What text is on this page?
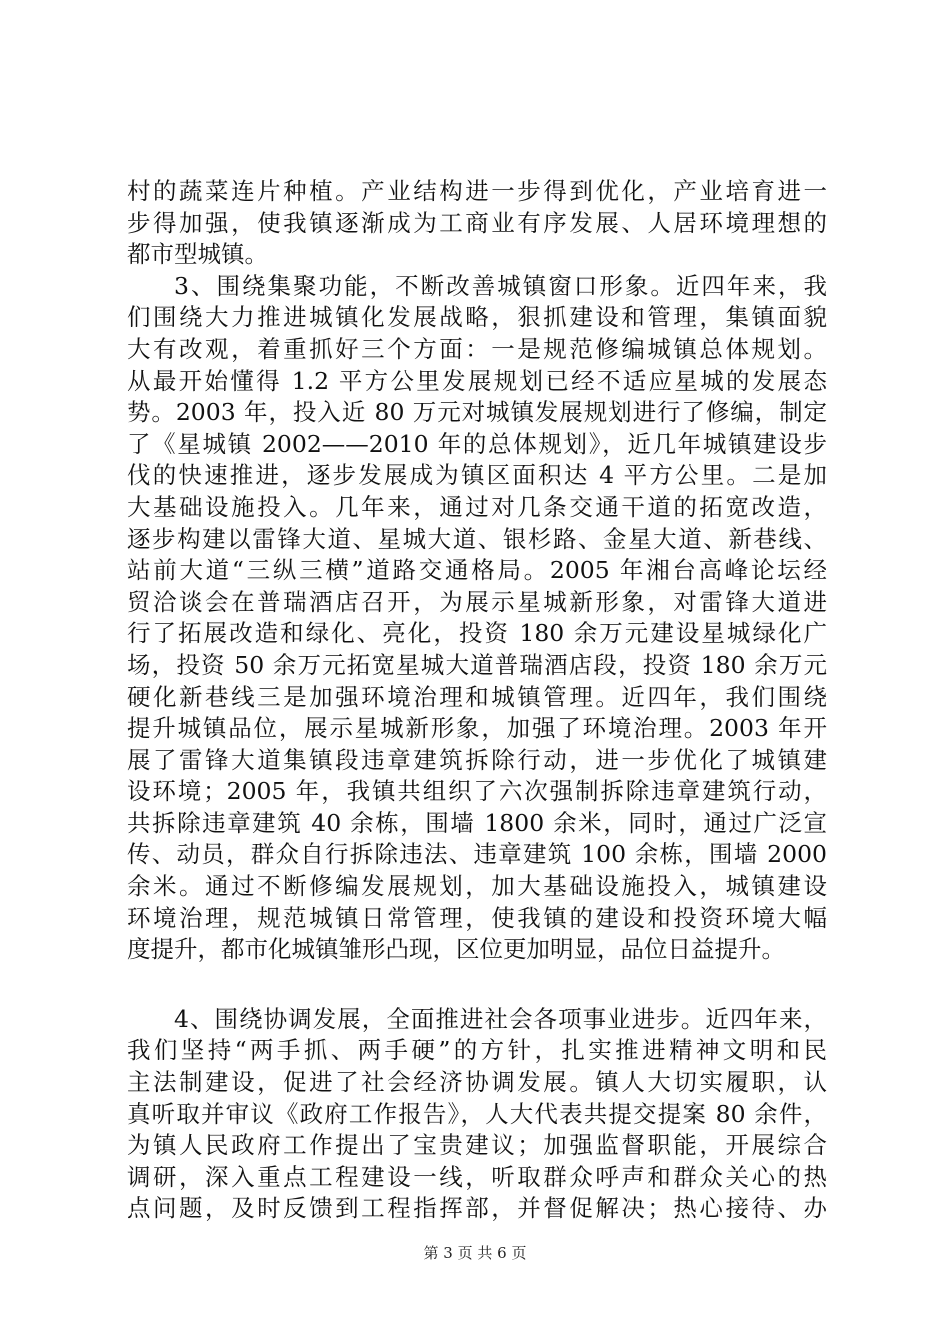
村的蔬菜连片种植。产业结构进一步得到优化，产业培育进一
步得加强，使我镇逐渐成为工商业有序发展、人居环境理想的
都市型城镇。
3、围绕集聚功能，不断改善城镇窗口形象。近四年来，我
们围绕大力推进城镇化发展战略，狠抓建设和管理，集镇面貌
大有改观，着重抓好三个方面：一是规范修编城镇总体规划。
从最开始懂得 1.2 平方公里发展规划已经不适应星城的发展态
势。2003 年，投入近 80 万元对城镇发展规划进行了修编，制定
了《星城镇 2002——2010 年的总体规划》，近几年城镇建设步
伐的快速推进，逐步发展成为镇区面积达 4 平方公里。二是加
大基础设施投入。几年来，通过对几条交通干道的拓宽改造，
逐步构建以雷锋大道、星城大道、银杉路、金星大道、新巷线、
站前大道“三纵三横”道路交通格局。2005 年湘台高峰论坛经
贸洽谈会在普瑞酒店召开，为展示星城新形象，对雷锋大道进
行了拓展改造和绿化、亮化，投资 180 余万元建设星城绿化广
场，投资 50 余万元拓宽星城大道普瑞酒店段，投资 180 余万元
硬化新巷线三是加强环境治理和城镇管理。近四年，我们围绕
提升城镇品位，展示星城新形象，加强了环境治理。2003 年开
展了雷锋大道集镇段违章建筑拆除行动，进一步优化了城镇建
设环境；2005 年，我镇共组织了六次强制拆除违章建筑行动，
共拆除违章建筑 40 余栋，围墙 1800 余米，同时，通过广泛宣
传、动员，群众自行拆除违法、违章建筑 100 余栋，围墙 2000
余米。通过不断修编发展规划，加大基础设施投入，城镇建设
环境治理，规范城镇日常管理，使我镇的建设和投资环境大幅
度提升，都市化城镇雏形凸现，区位更加明显，品位日益提升。
4、围绕协调发展，全面推进社会各项事业进步。近四年来，
我们坚持“两手抓、两手硬”的方针，扎实推进精神文明和民
主法制建设，促进了社会经济协调发展。镇人大切实履职，认
真听取并审议《政府工作报告》，人大代表共提交提案 80 余件，
为镇人民政府工作提出了宝贵建议；加强监督职能，开展综合
调研，深入重点工程建设一线，听取群众呼声和群众关心的热
点问题，及时反馈到工程指挥部，并督促解决；热心接待、办
第 3 页 共 6 页
